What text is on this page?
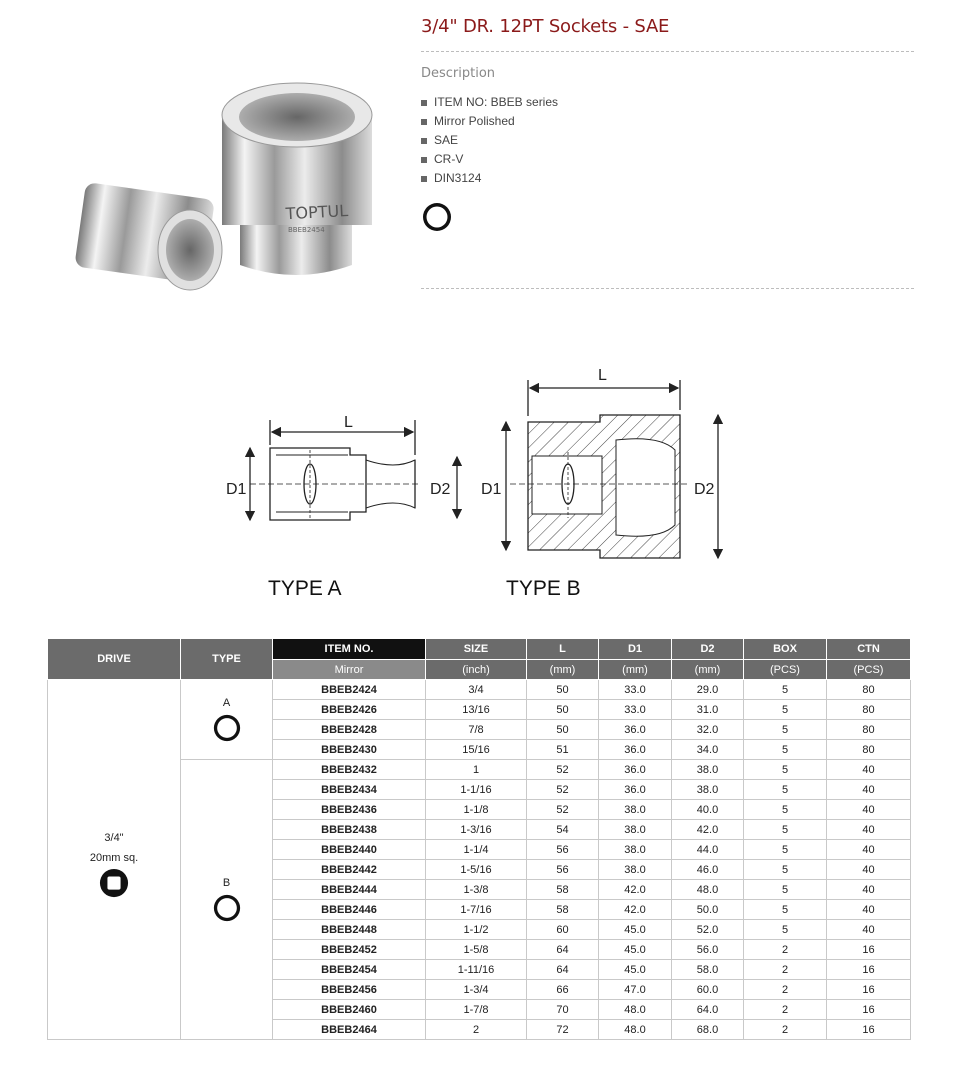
TOPTUL
BBEB2454
3/4" DR. 12PT Sockets - SAE
Description
ITEM NO: BBEB series
Mirror Polished
SAE
CR-V
DIN3124
L
D1	D2
TYPE A
L
D1	D2
TYPE B
DRIVE	TYPE	ITEM NO.	SIZE	L	D1	D2	BOX	CTN
		Mirror	(inch)	(mm)	(mm)	(mm)	(PCS)	(PCS)

3/4"
20mm sq.	A	BBEB2424	3/4	50	33.0	29.0	5	80
		BBEB2426	13/16	50	33.0	31.0	5	80
		BBEB2428	7/8	50	36.0	32.0	5	80
		BBEB2430	15/16	51	36.0	34.0	5	80

	B	BBEB2432	1	52	36.0	38.0	5	40
		BBEB2434	1-1/16	52	36.0	38.0	5	40
		BBEB2436	1-1/8	52	38.0	40.0	5	40
		BBEB2438	1-3/16	54	38.0	42.0	5	40
		BBEB2440	1-1/4	56	38.0	44.0	5	40
		BBEB2442	1-5/16	56	38.0	46.0	5	40
		BBEB2444	1-3/8	58	42.0	48.0	5	40
		BBEB2446	1-7/16	58	42.0	50.0	5	40
		BBEB2448	1-1/2	60	45.0	52.0	5	40
		BBEB2452	1-5/8	64	45.0	56.0	2	16
		BBEB2454	1-11/16	64	45.0	58.0	2	16
		BBEB2456	1-3/4	66	47.0	60.0	2	16
		BBEB2460	1-7/8	70	48.0	64.0	2	16
		BBEB2464	2	72	48.0	68.0	2	16
